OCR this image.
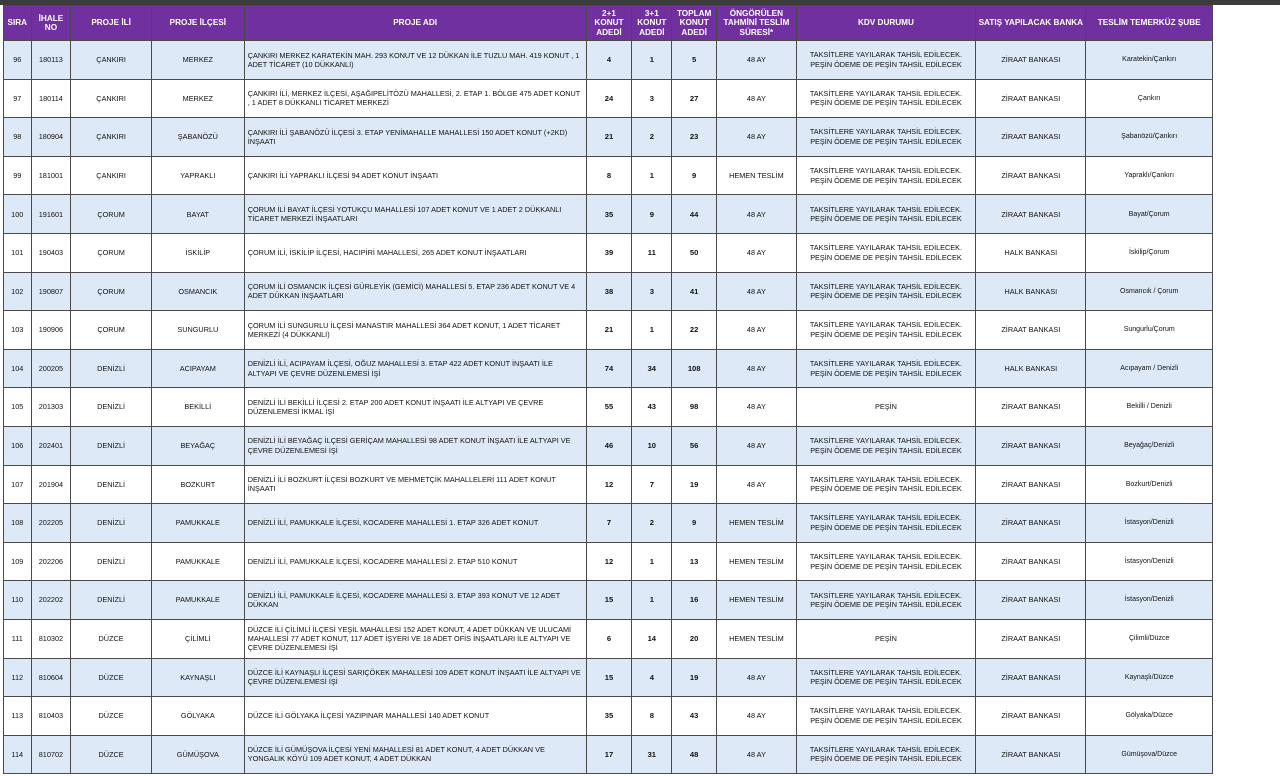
SIRA	İHALE NO	PROJE İLİ	PROJE İLÇESİ	PROJE ADI	2+1 KONUT ADEDİ	3+1 KONUT ADEDİ	TOPLAM KONUT ADEDİ	ÖNGÖRÜLEN TAHMİNİ TESLİM SÜRESİ*	KDV DURUMU	SATIŞ YAPILACAK BANKA	TESLİM TEMERKÜZ ŞUBE
96	180113	ÇANKIRI	MERKEZ	ÇANKIRI MERKEZ KARATEKİN MAH. 293 KONUT VE 12 DÜKKAN İLE TUZLU MAH. 419 KONUT , 1 ADET TİCARET (10 DÜKKANLI)	4	1	5	48 AY	TAKSİTLERE YAYILARAK TAHSİL EDİLECEK. PEŞİN ÖDEME DE PEŞİN TAHSİL EDİLECEK	ZİRAAT BANKASI	Karatekin/Çankırı
97	180114	ÇANKIRI	MERKEZ	ÇANKIRI İLİ, MERKEZ İLÇESİ, AŞAĞIPELİTÖZÜ MAHALLESİ, 2. ETAP 1. BÖLGE 475 ADET KONUT , 1 ADET 8 DÜKKANLI TİCARET MERKEZİ	24	3	27	48 AY	TAKSİTLERE YAYILARAK TAHSİL EDİLECEK. PEŞİN ÖDEME DE PEŞİN TAHSİL EDİLECEK	ZİRAAT BANKASI	Çankırı
98	180904	ÇANKIRI	ŞABANÖZÜ	ÇANKIRI İLİ ŞABANÖZÜ İLÇESİ 3. ETAP YENİMAHALLE MAHALLESİ 150 ADET KONUT (+2KD) İNŞAATI	21	2	23	48 AY	TAKSİTLERE YAYILARAK TAHSİL EDİLECEK. PEŞİN ÖDEME DE PEŞİN TAHSİL EDİLECEK	ZİRAAT BANKASI	Şabanözü/Çankırı
99	181001	ÇANKIRI	YAPRAKLI	ÇANKIRI İLİ YAPRAKLI İLÇESİ 94 ADET KONUT İNŞAATI	8	1	9	HEMEN TESLİM	TAKSİTLERE YAYILARAK TAHSİL EDİLECEK. PEŞİN ÖDEME DE PEŞİN TAHSİL EDİLECEK	ZİRAAT BANKASI	Yapraklı/Çankırı
100	191601	ÇORUM	BAYAT	ÇORUM İLİ BAYAT İLÇESİ YOTUKÇU MAHALLESİ 107 ADET KONUT VE 1 ADET 2 DÜKKANLI TİCARET MERKEZİ İNŞAATLARI	35	9	44	48 AY	TAKSİTLERE YAYILARAK TAHSİL EDİLECEK. PEŞİN ÖDEME DE PEŞİN TAHSİL EDİLECEK	ZİRAAT BANKASI	Bayat/Çorum
101	190403	ÇORUM	İSKİLİP	ÇORUM İLİ, İSKİLİP İLÇESİ, HACIPİRİ MAHALLESİ, 265 ADET KONUT İNŞAATLARI	39	11	50	48 AY	TAKSİTLERE YAYILARAK TAHSİL EDİLECEK. PEŞİN ÖDEME DE PEŞİN TAHSİL EDİLECEK	HALK BANKASI	İskilip/Çorum
102	190807	ÇORUM	OSMANCIK	ÇORUM İLİ OSMANCIK İLÇESİ GÜRLEYİK (GEMİCİ) MAHALLESİ 5. ETAP 236 ADET KONUT VE 4 ADET DÜKKAN İNŞAATLARI	38	3	41	48 AY	TAKSİTLERE YAYILARAK TAHSİL EDİLECEK. PEŞİN ÖDEME DE PEŞİN TAHSİL EDİLECEK	HALK BANKASI	Osmancık / Çorum
103	190906	ÇORUM	SUNGURLU	ÇORUM İLİ SUNGURLU İLÇESİ MANASTIR MAHALLESİ 364 ADET KONUT, 1 ADET TİCARET MERKEZİ (4 DÜKKANLI)	21	1	22	48 AY	TAKSİTLERE YAYILARAK TAHSİL EDİLECEK. PEŞİN ÖDEME DE PEŞİN TAHSİL EDİLECEK	ZİRAAT BANKASI	Sungurlu/Çorum
104	200205	DENİZLİ	ACIPAYAM	DENİZLİ İLİ, ACIPAYAM İLÇESİ, OĞUZ MAHALLESİ 3. ETAP 422 ADET KONUT İNŞAATI İLE ALTYAPI VE ÇEVRE DÜZENLEMESİ İŞİ	74	34	108	48 AY	TAKSİTLERE YAYILARAK TAHSİL EDİLECEK. PEŞİN ÖDEME DE PEŞİN TAHSİL EDİLECEK	HALK BANKASI	Acıpayam / Denizli
105	201303	DENİZLİ	BEKİLLİ	DENİZLİ İLİ BEKİLLİ İLÇESİ 2. ETAP 200 ADET KONUT İNŞAATI İLE ALTYAPI VE ÇEVRE DÜZENLEMESİ İKMAL İŞİ	55	43	98	48 AY	PEŞİN	ZİRAAT BANKASI	Bekilli / Denizli
106	202401	DENİZLİ	BEYAĞAÇ	DENİZLİ İLİ BEYAĞAÇ İLÇESİ GERİÇAM MAHALLESİ 98 ADET KONUT İNŞAATI İLE ALTYAPI VE ÇEVRE DÜZENLEMESİ İŞİ	46	10	56	48 AY	TAKSİTLERE YAYILARAK TAHSİL EDİLECEK. PEŞİN ÖDEME DE PEŞİN TAHSİL EDİLECEK	ZİRAAT BANKASI	Beyağaç/Denizli
107	201904	DENİZLİ	BOZKURT	DENİZLİ İLİ BOZKURT İLÇESİ BOZKURT VE MEHMETÇİK MAHALLELERİ 111 ADET KONUT İNŞAATI	12	7	19	48 AY	TAKSİTLERE YAYILARAK TAHSİL EDİLECEK. PEŞİN ÖDEME DE PEŞİN TAHSİL EDİLECEK	ZİRAAT BANKASI	Bozkurt/Denizli
108	202205	DENİZLİ	PAMUKKALE	DENİZLİ İLİ, PAMUKKALE İLÇESİ, KOCADERE MAHALLESİ 1. ETAP 326 ADET KONUT	7	2	9	HEMEN TESLİM	TAKSİTLERE YAYILARAK TAHSİL EDİLECEK. PEŞİN ÖDEME DE PEŞİN TAHSİL EDİLECEK	ZİRAAT BANKASI	İstasyon/Denizli
109	202206	DENİZLİ	PAMUKKALE	DENİZLİ İLİ, PAMUKKALE İLÇESİ, KOCADERE MAHALLESİ 2. ETAP 510 KONUT	12	1	13	HEMEN TESLİM	TAKSİTLERE YAYILARAK TAHSİL EDİLECEK. PEŞİN ÖDEME DE PEŞİN TAHSİL EDİLECEK	ZİRAAT BANKASI	İstasyon/Denizli
110	202202	DENİZLİ	PAMUKKALE	DENİZLİ İLİ, PAMUKKALE İLÇESİ, KOCADERE MAHALLESİ 3. ETAP 393 KONUT VE 12 ADET DÜKKAN	15	1	16	HEMEN TESLİM	TAKSİTLERE YAYILARAK TAHSİL EDİLECEK. PEŞİN ÖDEME DE PEŞİN TAHSİL EDİLECEK	ZİRAAT BANKASI	İstasyon/Denizli
111	810302	DÜZCE	ÇİLİMLİ	DÜZCE İLİ ÇİLİMLİ İLÇESİ YEŞİL MAHALLESİ 152 ADET KONUT, 4 ADET DÜKKAN VE ULUCAMİ MAHALLESİ 77 ADET KONUT, 117 ADET İŞYERİ VE 18 ADET OFİS İNŞAATLARI İLE ALTYAPI VE ÇEVRE DÜZENLEMESİ İŞİ	6	14	20	HEMEN TESLİM	PEŞİN	ZİRAAT BANKASI	Çilimli/Düzce
112	810604	DÜZCE	KAYNAŞLI	DÜZCE İLİ KAYNAŞLI İLÇESİ SARIÇÖKEK MAHALLESİ 109 ADET KONUT İNŞAATI İLE ALTYAPI VE ÇEVRE DÜZENLEMESİ İŞİ	15	4	19	48 AY	TAKSİTLERE YAYILARAK TAHSİL EDİLECEK. PEŞİN ÖDEME DE PEŞİN TAHSİL EDİLECEK	ZİRAAT BANKASI	Kaynaşlı/Düzce
113	810403	DÜZCE	GÖLYAKA	DÜZCE İLİ GÖLYAKA İLÇESİ YAZIPINAR MAHALLESİ 140 ADET KONUT	35	8	43	48 AY	TAKSİTLERE YAYILARAK TAHSİL EDİLECEK. PEŞİN ÖDEME DE PEŞİN TAHSİL EDİLECEK	ZİRAAT BANKASI	Gölyaka/Düzce
114	810702	DÜZCE	GÜMÜŞOVA	DÜZCE İLİ GÜMÜŞOVA İLÇESİ YENİ MAHALLESİ 81 ADET KONUT, 4 ADET DÜKKAN VE YONGALIK KÖYÜ 109 ADET KONUT, 4 ADET DÜKKAN	17	31	48	48 AY	TAKSİTLERE YAYILARAK TAHSİL EDİLECEK. PEŞİN ÖDEME DE PEŞİN TAHSİL EDİLECEK	ZİRAAT BANKASI	Gümüşova/Düzce
